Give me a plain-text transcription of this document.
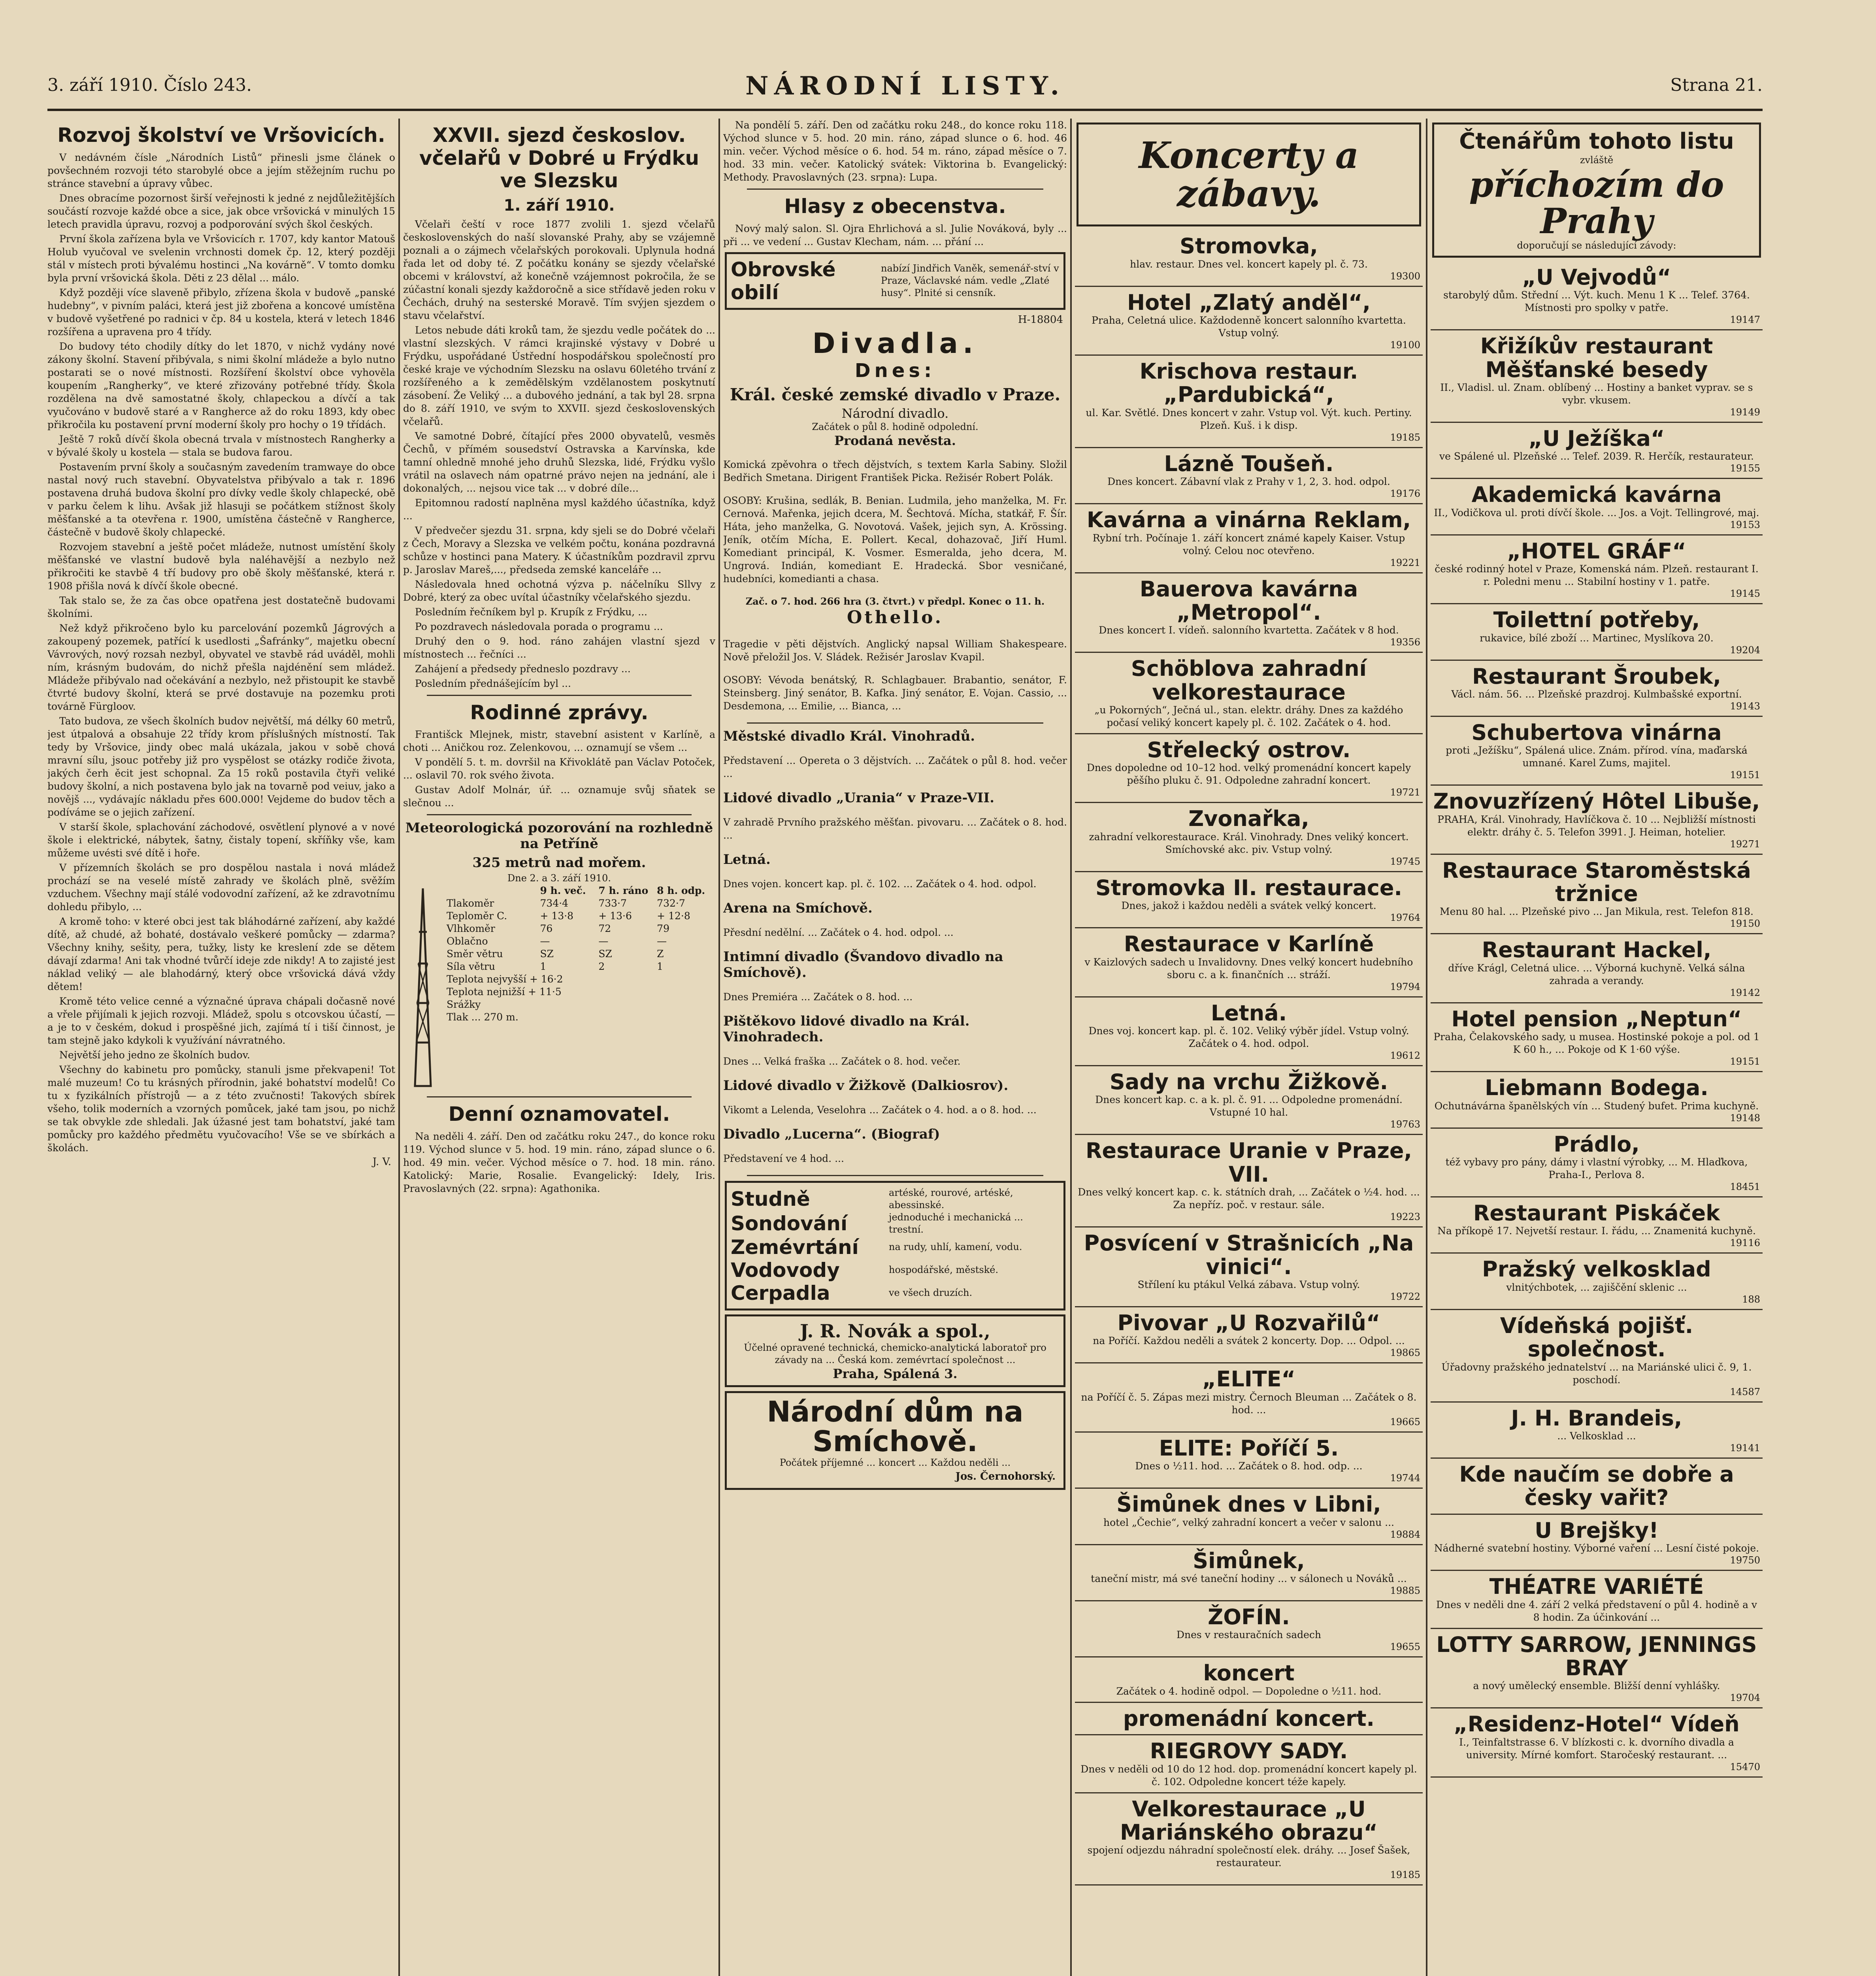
3. září 1910. Číslo 243.	NÁRODNÍ LISTY.	Strana 21.
Rozvoj školství ve Vršovicích.

V nedávném čísle „Národních Listů“ přinesli jsme článek o povšechném rozvoji této starobylé obce a jejím stěžejním ruchu po stránce stavební a úpravy vůbec.

Dnes obracíme pozornost širší veřejnosti k jedné z nejdůležitějších součástí rozvoje každé obce a sice, jak obce vršovická v minulých 15 letech pravidla úpravu, rozvoj a podporování svých škol českých.

První škola zařízena byla ve Vršovicích r. 1707, kdy kantor Matouš Holub vyučoval ve svelenin vrchnosti domek čp. 12, který později stál v místech proti bývalému hostinci „Na kovárně“. V tomto domku byla první vršovická škola. Děti z 23 dělal ... málo.

Když později více slaveně přibylo, zřízena škola v budově „panské hudebny“, v pivním paláci, která jest již zbořena a koncové umístěna v budově vyšetřené po radnici v čp. 84 u kostela, která v letech 1846 rozšířena a upravena pro 4 třídy.

Do budovy této chodily dítky do let 1870, v nichž vydány nové zákony školní. Stavení přibývala, s nimi školní mládeže a bylo nutno postarati se o nové místnosti. Rozšíření školství obce vyhověla koupením „Rangherky“, ve které zřizovány potřebné třídy. Škola rozdělena na dvě samostatné školy, chlapeckou a dívčí a tak vyučováno v budově staré a v Rangherce až do roku 1893, kdy obec přikročila ku postavení první moderní školy pro hochy o 19 třídách.

Ještě 7 roků dívčí škola obecná trvala v místnostech Rangherky a v bývalé školy u kostela — stala se budova farou.

Postavením první školy a současným zavedením tramwaye do obce nastal nový ruch stavební. Obyvatelstva přibývalo a tak r. 1896 postavena druhá budova školní pro dívky vedle školy chlapecké, obě v parku čelem k lihu. Avšak již hlasuji se počátkem stížnost školy měšťanské a ta otevřena r. 1900, umístěna částečně v Rangherce, částečně v budově školy chlapecké.

Rozvojem stavební a ještě počet mládeže, nutnost umístění školy měšťanské ve vlastní budově byla naléhavější a nezbylo než přikročiti ke stavbě 4 tří budovy pro obě školy měšťanské, která r. 1908 přišla nová k dívčí škole obecné.

Tak stalo se, že za čas obce opatřena jest dostatečně budovami školními.

Než když přikročeno bylo ku parcelování pozemků Jágrových a zakoupený pozemek, patřící k usedlosti „Šafránky“, majetku obecní Vávrových, nový rozsah nezbyl, obyvatel ve stavbě rád uváděl, mohli ním, krásným budovám, do nichž přešla najdénění sem mládež. Mládeže přibývalo nad očekávání a nezbylo, než přistoupit ke stavbě čtvrté budovy školní, která se prvé dostavuje na pozemku proti továrně Fürgloov.

Tato budova, ze všech školních budov největší, má délky 60 metrů, jest útpalová a obsahuje 22 třídy krom příslušných místností. Tak tedy by Vršovice, jindy obec malá ukázala, jakou v sobě chová mravní sílu, jsouc potřeby již pro vyspělost se otázky rodiče života, jakých čerh ěcit jest schopnal. Za 15 roků postavila čtyři veliké budovy školní, a nich postavena bylo jak na tovarně pod veiuv, jako a novějš ..., vydávajíc nákladu přes 600.000! Vejdeme do budov těch a podíváme se o jejich zařízení.

V starší škole, splachování záchodové, osvětlení plynové a v nové škole i elektrické, nábytek, šatny, čistaly topení, skříňky vše, kam můžeme uvésti své dítě i hoře.

V přízemních školách se pro dospělou nastala i nová mládež prochází se na veselé místě zahrady ve školách plně, svěžím vzduchem. Všechny mají stálé vodovodní zařízení, až ke zdravotnímu dohledu přibylo, ...

A kromě toho: v které obci jest tak bláhodárné zařízení, aby každé dítě, až chudé, až bohaté, dostávalo veškeré pomůcky — zdarma? Všechny knihy, sešity, pera, tužky, listy ke kreslení zde se dětem dávají zdarma! Ani tak vhodné tvůrčí ideje zde nikdy! A to zajisté jest náklad veliký — ale blahodárný, který obce vršovická dává vždy dětem!

Kromě této velice cenné a význačné úprava chápali dočasně nové a vřele přijímali k jejich rozvoji. Mládež, spolu s otcovskou účastí, — a je to v českém, dokud i prospěšné jich, zajímá tí i tiší činnost, je tam stejně jako kdykoli k využívání návratného.

Největší jeho jedno ze školních budov.

Všechny do kabinetu pro pomůcky, stanuli jsme překvapeni! Tot malé muzeum! Co tu krásných přírodnin, jaké bohatství modelů! Co tu x fyzikálních přístrojů — a z této zvučnosti! Takových sbírek všeho, tolik moderních a vzorných pomůcek, jaké tam jsou, po nichž se tak obvykle zde shledali. Jak úžasné jest tam bohatství, jaké tam pomůcky pro každého předmětu vyučovacího! Vše se ve sbírkách a školách.

J. V.
XXVII. sjezd českoslov. včelařů v Dobré u Frýdku ve Slezsku
1. září 1910.

Včelaři čeští v roce 1877 zvolili 1. sjezd včelařů československých do naší slovanské Prahy, aby se vzájemně poznali a o zájmech včelařských porokovali. Uplynula hodná řada let od doby té. Z počátku konány se sjezdy včelařské obcemi v království, až konečně vzájemnost pokročila, že se zúčastní konali sjezdy každoročně a sice střídavě jeden roku v Čechách, druhý na sesterské Moravě. Tím svýjen sjezdem o stavu včelařství.

Letos nebude dáti kroků tam, že sjezdu vedle počátek do ... vlastní slezských. V rámci krajinské výstavy v Dobré u Frýdku, uspořádané Ústřední hospodářskou společností pro české kraje ve východním Slezsku na oslavu 60letého trvání z rozšířeného a k zemědělským vzdělanostem poskytnutí zásobení. Že Veliký ... a dubového jednání, a tak byl 28. srpna do 8. září 1910, ve svým to XXVII. sjezd československých včelařů.

Ve samotné Dobré, čítající přes 2000 obyvatelů, vesměs Čechů, v přímém sousedství Ostravska a Karvínska, kde tamní ohledně mnohé jeho druhů Slezska, lidé, Frýdku vyšlo vrátil na oslavech nám opatrné právo nejen na jednání, ale i dokonalých, ... nejsou vice tak ... v dobré díle...

Epitomnou radostí naplněna mysl každého účastníka, když ...

V předvečer sjezdu 31. srpna, kdy sjeli se do Dobré včelaři z Čech, Moravy a Slezska ve velkém počtu, konána pozdravná schůze v hostinci pana Matery. K účastníkům pozdravil zprvu p. Jaroslav Mareš,..., předseda zemské kanceláře ...

Následovala hned ochotná výzva p. náčelníku Sllvy z Dobré, který za obec uvítal účastníky včelařského sjezdu.

Posledním řečníkem byl p. Krupík z Frýdku, ...

Po pozdravech následovala porada o programu ...

Druhý den o 9. hod. ráno zahájen vlastní sjezd v místnostech ... řečníci ...

Zahájení a předsedy předneslo pozdravy ...

Posledním přednášejícím byl ...

Rodinné zprávy.

Františck Mlejnek, mistr, stavební asistent v Karlíně, a choti ... Aničkou roz. Zelenkovou, ... oznamují se všem ...

V pondělí 5. t. m. dovršil na Křivoklátě pan Václav Potoček, ... oslavil 70. rok svého života.

Gustav Adolf Molnár, úř. ... oznamuje svůj sňatek se slečnou ...

Meteorologická pozorování na rozhledně na Petříně
325 metrů nad mořem.
Dne 2. a 3. září 1910.
9 h. več.	7 h. ráno 8 h. odp.
Tlakoměr	734·4	733·7	732·7
Teploměr C.	+ 13·8	+ 13·6	+ 12·8
Vlhkoměr	76	72	79
Oblačno	—	—	—
Směr větru	SZ	SZ	Z
Síla větru	1	2	1
Teplota nejvyšší + 16·2
Teplota nejnižší + 11·5
Srážky
Tlak ... 270 m.
Denní oznamovatel.

Na neděli 4. září. Den od začátku roku 247., do konce roku 119. Východ slunce v 5. hod. 19 min. ráno, západ slunce o 6. hod. 49 min. večer. Východ měsíce o 7. hod. 18 min. ráno. Katolický: Marie, Rosalie. Evangelický: Idely, Iris. Pravoslavných (22. srpna): Agathonika.

Na pondělí 5. září. Den od začátku roku 248., do konce roku 118. Východ slunce v 5. hod. 20 min. ráno, západ slunce o 6. hod. 46 min. večer. Východ měsíce o 6. hod. 54 m. ráno, západ měsíce o 7. hod. 33 min. večer. Katolický svátek: Viktorina b. Evangelický: Methody. Pravoslavných (23. srpna): Lupa.

Hlasy z obecenstva.

Nový malý salon. Sl. Ojra Ehrlichová a sl. Julie Nováková, byly ... při ... ve vedení ... Gustav Klecham, nám. ... přání ...

Obrovské obilí
nabízí Jindřich Vaněk, semenář-ství v Praze, Václavské nám. vedle „Zlaté husy“. Plnité si censník.
H-18804
Divadla.
Dnes:
Král. české zemské divadlo v Praze.
Národní divadlo.
Začátek o půl 8. hodině odpolední.
Prodaná nevěsta.

Komická zpěvohra o třech dějstvích, s textem Karla Sabiny. Složil Bedřich Smetana. Dirigent František Picka. Režisér Robert Polák.

OSOBY: Krušina, sedlák, B. Benian. Ludmila, jeho manželka, M. Fr. Cernová. Mařenka, jejich dcera, M. Šechtová. Mícha, statkář, F. Šír. Háta, jeho manželka, G. Novotová. Vašek, jejich syn, A. Krössing. Jeník, otčím Mícha, E. Pollert. Kecal, dohazovač, Jiří Huml. Komediant principál, K. Vosmer. Esmeralda, jeho dcera, M. Ungrová. Indián, komediant E. Hradecká. Sbor vesničané, hudebníci, komedianti a chasa.

Zač. o 7. hod. 266 hra (3. čtvrt.) v předpl. Konec o 11. h.
Othello.

Tragedie v pěti dějstvích. Anglický napsal William Shakespeare. Nově přeložil Jos. V. Sládek. Režisér Jaroslav Kvapil.

OSOBY: Vévoda benátský, R. Schlagbauer. Brabantio, senátor, F. Steinsberg. Jiný senátor, B. Kafka. Jiný senátor, E. Vojan. Cassio, ... Desdemona, ... Emilie, ... Bianca, ...

Městské divadlo Král. Vinohradů.

Představení ... Opereta o 3 dějstvích. ... Začátek o půl 8. hod. večer ...

Lidové divadlo „Urania“ v Praze-VII.

V zahradě Prvního pražského měšťan. pivovaru. ... Začátek o 8. hod. ...

Letná.

Dnes vojen. koncert kap. pl. č. 102. ... Začátek o 4. hod. odpol.

Arena na Smíchově.

Přesdní nedělní. ... Začátek o 4. hod. odpol. ...

Intimní divadlo (Švandovo divadlo na Smíchově).

Dnes Premiéra ... Začátek o 8. hod. ...

Pištěkovo lidové divadlo na Král. Vinohradech.

Dnes ... Velká fraška ... Začátek o 8. hod. večer.

Lidové divadlo v Žižkově (Dalkiosrov).

Vikomt a Lelenda, Veselohra ... Začátek o 4. hod. a o 8. hod. ...

Divadlo „Lucerna“. (Biograf)

Představení ve 4 hod. ...

Studně	artéské, rourové, artéské, abessinské.
Sondování	jednoduché i mechanická ... trestní.
Zemévrtání	na rudy, uhlí, kamení, vodu.
Vodovody	hospodářské, městské.
Cerpadla	ve všech druzích.
J. R. Novák a spol.,
Účelné opravené technická, chemicko-analytická laboratoř pro závady na ... Česká kom. zemévrtací společnost ...
Praha, Spálená 3.
Národní dům na Smíchově.
Počátek příjemné ... koncert ... Každou neděli ...
Jos. Černohorský.
Koncerty a zábavy.
Stromovka,
hlav. restaur. Dnes vel. koncert kapely pl. č. 73.
19300
Hotel „Zlatý anděl“,
Praha, Celetná ulice. Každodenně koncert salonního kvartetta. Vstup volný.
19100
Krischova restaur. „Pardubická“,
ul. Kar. Světlé. Dnes koncert v zahr. Vstup vol. Výt. kuch. Pertiny. Plzeň. Kuš. i k disp.
19185
Lázně Toušeň.
Dnes koncert. Zábavní vlak z Prahy v 1, 2, 3. hod. odpol.
19176
Kavárna a vinárna Reklam,
Rybní trh. Počínaje 1. září koncert známé kapely Kaiser. Vstup volný. Celou noc otevřeno.
19221
Bauerova kavárna „Metropol“.
Dnes koncert I. vídeň. salonního kvartetta. Začátek v 8 hod.
19356
Schöblova zahradní velkorestaurace
„u Pokorných“, Ječná ul., stan. elektr. dráhy. Dnes za každého počasí veliký koncert kapely pl. č. 102. Začátek o 4. hod.
Střelecký ostrov.
Dnes dopoledne od 10–12 hod. velký promenádní koncert kapely pěšího pluku č. 91. Odpoledne zahradní koncert.
19721
Zvonařka,
zahradní velkorestaurace. Král. Vinohrady. Dnes veliký koncert. Smíchovské akc. piv. Vstup volný.
19745
Stromovka II. restaurace.
Dnes, jakož i každou neděli a svátek velký koncert.
19764
Restaurace v Karlíně
v Kaizlových sadech u Invalidovny. Dnes velký koncert hudebního sboru c. a k. finančních ... stráží.
19794
Letná.
Dnes voj. koncert kap. pl. č. 102. Veliký výběr jídel. Vstup volný. Začátek o 4. hod. odpol.
19612
Sady na vrchu Žižkově.
Dnes koncert kap. c. a k. pl. č. 91. ... Odpoledne promenádní. Vstupné 10 hal.
19763
Restaurace Uranie v Praze, VII.
Dnes velký koncert kap. c. k. státních drah, ... Začátek o ½4. hod. ... Za nepříz. poč. v restaur. sále.
19223
Posvícení v Strašnicích „Na vinici“.
Střílení ku ptákul Velká zábava. Vstup volný.
19722
Pivovar „U Rozvařilů“
na Poříčí. Každou neděli a svátek 2 koncerty. Dop. ... Odpol. ...
19865
„ELITE“
na Poříčí č. 5. Zápas mezi mistry. Černoch Bleuman ... Začátek o 8. hod. ...
19665
ELITE: Poříčí 5.
Dnes o ½11. hod. ... Začátek o 8. hod. odp. ...
19744
Šimůnek dnes v Libni,
hotel „Čechie“, velký zahradní koncert a večer v salonu ...
19884
Šimůnek,
taneční mistr, má své taneční hodiny ... v sálonech u Nováků ...
19885
ŽOFÍN.
Dnes v restauračních sadech
19655
koncert
Začátek o 4. hodině odpol. — Dopoledne o ½11. hod.
promenádní koncert.
RIEGROVY SADY.
Dnes v neděli od 10 do 12 hod. dop. promenádní koncert kapely pl. č. 102. Odpoledne koncert téže kapely.
Velkorestaurace „U Mariánského obrazu“
spojení odjezdu náhradní společností elek. dráhy. ... Josef Šašek, restaurateur.
19185
Čtenářům tohoto listu
zvláště
příchozím do Prahy
doporučují se následující závody:
„U Vejvodů“
starobylý dům. Střední ... Výt. kuch. Menu 1 K ... Telef. 3764. Místnosti pro spolky v patře.
19147
Křižíkův restaurant Měšťanské besedy
II., Vladisl. ul. Znam. oblíbený ... Hostiny a banket vyprav. se s vybr. vkusem.
19149
„U Ježíška“
ve Spálené ul. Plzeňské ... Telef. 2039. R. Herčík, restaurateur.
19155
Akademická kavárna
II., Vodičkova ul. proti dívčí škole. ... Jos. a Vojt. Tellingrové, maj.
19153
„HOTEL GRÁF“
české rodinný hotel v Praze, Komenská nám. Plzeň. restaurant I. r. Poledni menu ... Stabilní hostiny v 1. patře.
19145
Toilettní potřeby,
rukavice, bílé zboží ... Martinec, Myslíkova 20.
19204
Restaurant Šroubek,
Václ. nám. 56. ... Plzeňské prazdroj. Kulmbašské exportní.
19143
Schubertova vinárna
proti „Ježíšku“, Spálená ulice. Znám. přírod. vína, maďarská umnané. Karel Zums, majitel.
19151
Znovuzřízený Hôtel Libuše,
PRAHA, Král. Vinohrady, Havlíčkova č. 10 ... Nejbližší místnosti elektr. dráhy č. 5. Telefon 3991. J. Heiman, hotelier.
19271
Restaurace Staroměstská tržnice
Menu 80 hal. ... Plzeňské pivo ... Jan Mikula, rest. Telefon 818.
19150
Restaurant Hackel,
dříve Krágl, Celetná ulice. ... Výborná kuchyně. Velká sálna zahrada a verandy.
19142
Hotel pension „Neptun“
Praha, Čelakovského sady, u musea. Hostinské pokoje a pol. od 1 K 60 h., ... Pokoje od K 1·60 výše.
19151
Liebmann Bodega.
Ochutnávárna španělských vín ... Studený bufet. Prima kuchyně.
19148
Prádlo,
též vybavy pro pány, dámy i vlastní výrobky, ... M. Hlaďkova, Praha-I., Perlova 8.
18451
Restaurant Piskáček
Na příkopě 17. Nejvetší restaur. I. řádu, ... Znamenitá kuchyně.
19116
Pražský velkosklad
vlnitýchbotek, ... zajiščění sklenic ...
188
Vídeňská pojišť. společnost.
Úřadovny pražského jednatelství ... na Mariánské ulici č. 9, 1. poschodí.
14587
J. H. Brandeis,
... Velkosklad ...
19141
Kde naučím se dobře a česky vařit?
U Brejšky!
Nádherné svatební hostiny. Výborné vaření ... Lesní čisté pokoje.
19750
THÉATRE VARIÉTÉ
Dnes v neděli dne 4. září 2 velká představení o půl 4. hodině a v 8 hodin. Za účinkování ...
LOTTY SARROW, JENNINGS BRAY
a nový umělecký ensemble. Bližší denní vyhlášky.
19704
„Residenz-Hotel“ Vídeň
I., Teinfaltstrasse 6. V blízkosti c. k. dvorního divadla a university. Mírné komfort. Staročeský restaurant. ...
15470
